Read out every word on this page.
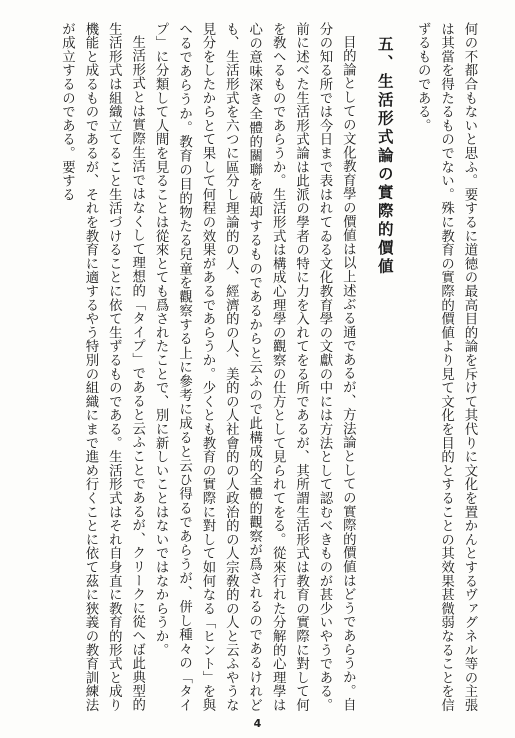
何の不都合もないと思ふ。要するに道徳の最高目的論を斥けて其代りに文化を置かんとするヴァグネル等の主張は其當を得たるものでない。殊に教育の實際的價値より見て文化を目的とすることの其效果甚微弱なることを信ずるものである。

五、生活形式論の實際的價値

目的論としての文化教育學の價値は以上述ぶる通であるが、方法論としての實際的價値はどうであらうか。自分の知る所では今日まで表はれてゐる文化教育學の文獻の中には方法として認むべきものが甚少いやうである。前に述べた生活形式論は此派の學者の特に力を入れてをる所であるが、其所謂生活形式は教育の實際に對して何を敎へるものであらうか。生活形式は構成心理學の觀察の仕方として見られてをる。從來行れた分解的心理學は心の意味深き全體的關聯を破却するものであるからと云ふので此構成的全體的觀察が爲されるのであるけれども、生活形式を六つに區分し理論的の人、經濟的の人、美的の人社會的の人政治的の人宗敎的の人と云ふやうな見分をしたからとて果して何程の效果があるであらうか。少くとも教育の實際に對して如何なる「ヒント」を與へるであらうか。教育の目的物たる兒童を觀察する上に參考に成ると云ひ得るであらうが、併し種々の「タイプ」に分類して人間を見ることは從來とても爲されたことで、別に新しいことはないではなからうか。

生活形式とは實際生活ではなくして理想的「タイプ」であると云ふことであるが、クリークに從へば此典型的生活形式は組織立てること生活づけることに依て生ずるものである。生活形式はそれ自身直に教育的形式と成り機能と成るものであるが、それを教育に適するやう特別の組織にまで進め行くことに依て茲に狹義の教育訓練法が成立するのである。要する

4
